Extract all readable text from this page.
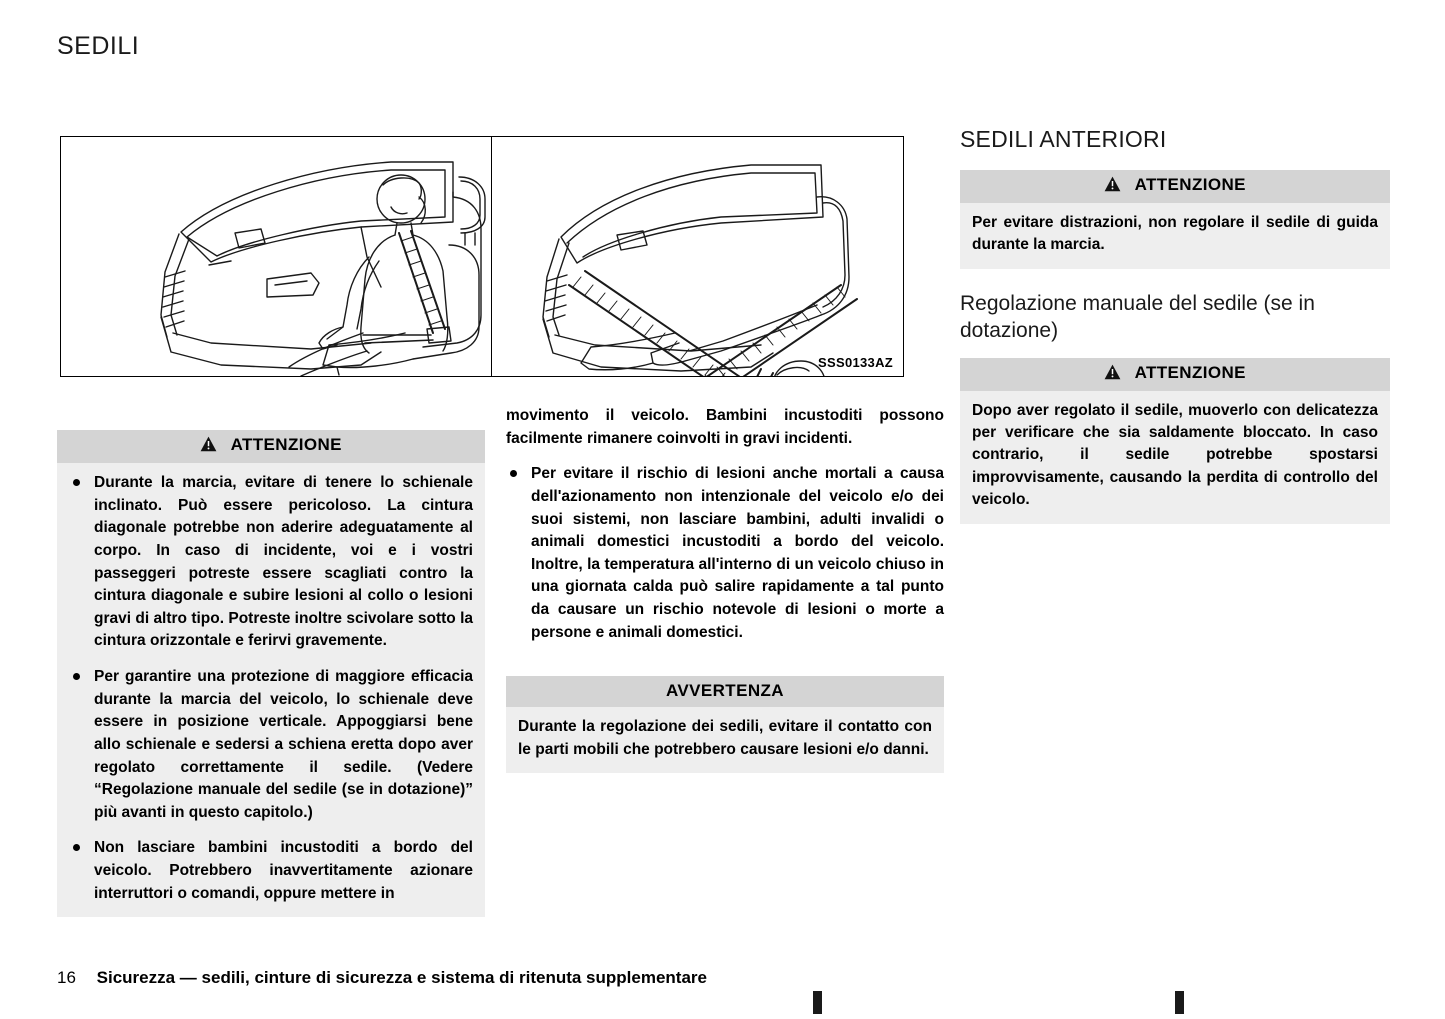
SEDILI
SSS0133AZ
ATTENZIONE
Durante la marcia, evitare di tenere lo schienale inclinato. Può essere pericoloso. La cintura diagonale potrebbe non aderire adeguatamente al corpo. In caso di incidente, voi e i vostri passeggeri potreste essere scagliati contro la cintura diagonale e subire lesioni al collo o lesioni gravi di altro tipo. Potreste inoltre scivolare sotto la cintura orizzontale e ferirvi gravemente.
Per garantire una protezione di maggiore efficacia durante la marcia del veicolo, lo schienale deve essere in posizione verticale. Appoggiarsi bene allo schienale e sedersi a schiena eretta dopo aver regolato correttamente il sedile. (Vedere “Regolazione manuale del sedile (se in dotazione)” più avanti in questo capitolo.)
Non lasciare bambini incustoditi a bordo del veicolo. Potrebbero inavvertitamente azionare interruttori o comandi, oppure mettere in

movimento il veicolo. Bambini incustoditi possono facilmente rimanere coinvolti in gravi incidenti.

Per evitare il rischio di lesioni anche mortali a causa dell'azionamento non intenzionale del veicolo e/o dei suoi sistemi, non lasciare bambini, adulti invalidi o animali domestici incustoditi a bordo del veicolo. Inoltre, la temperatura all'interno di un veicolo chiuso in una giornata calda può salire rapidamente a tal punto da causare un rischio notevole di lesioni o morte a persone e animali domestici.
AVVERTENZA
Durante la regolazione dei sedili, evitare il contatto con le parti mobili che potrebbero causare lesioni e/o danni.
SEDILI ANTERIORI
ATTENZIONE
Per evitare distrazioni, non regolare il sedile di guida durante la marcia.
Regolazione manuale del sedile (se in dotazione)
ATTENZIONE
Dopo aver regolato il sedile, muoverlo con delicatezza per verificare che sia saldamente bloccato. In caso contrario, il sedile potrebbe spostarsi improvvisamente, causando la perdita di controllo del veicolo.
16 Sicurezza — sedili, cinture di sicurezza e sistema di ritenuta supplementare
